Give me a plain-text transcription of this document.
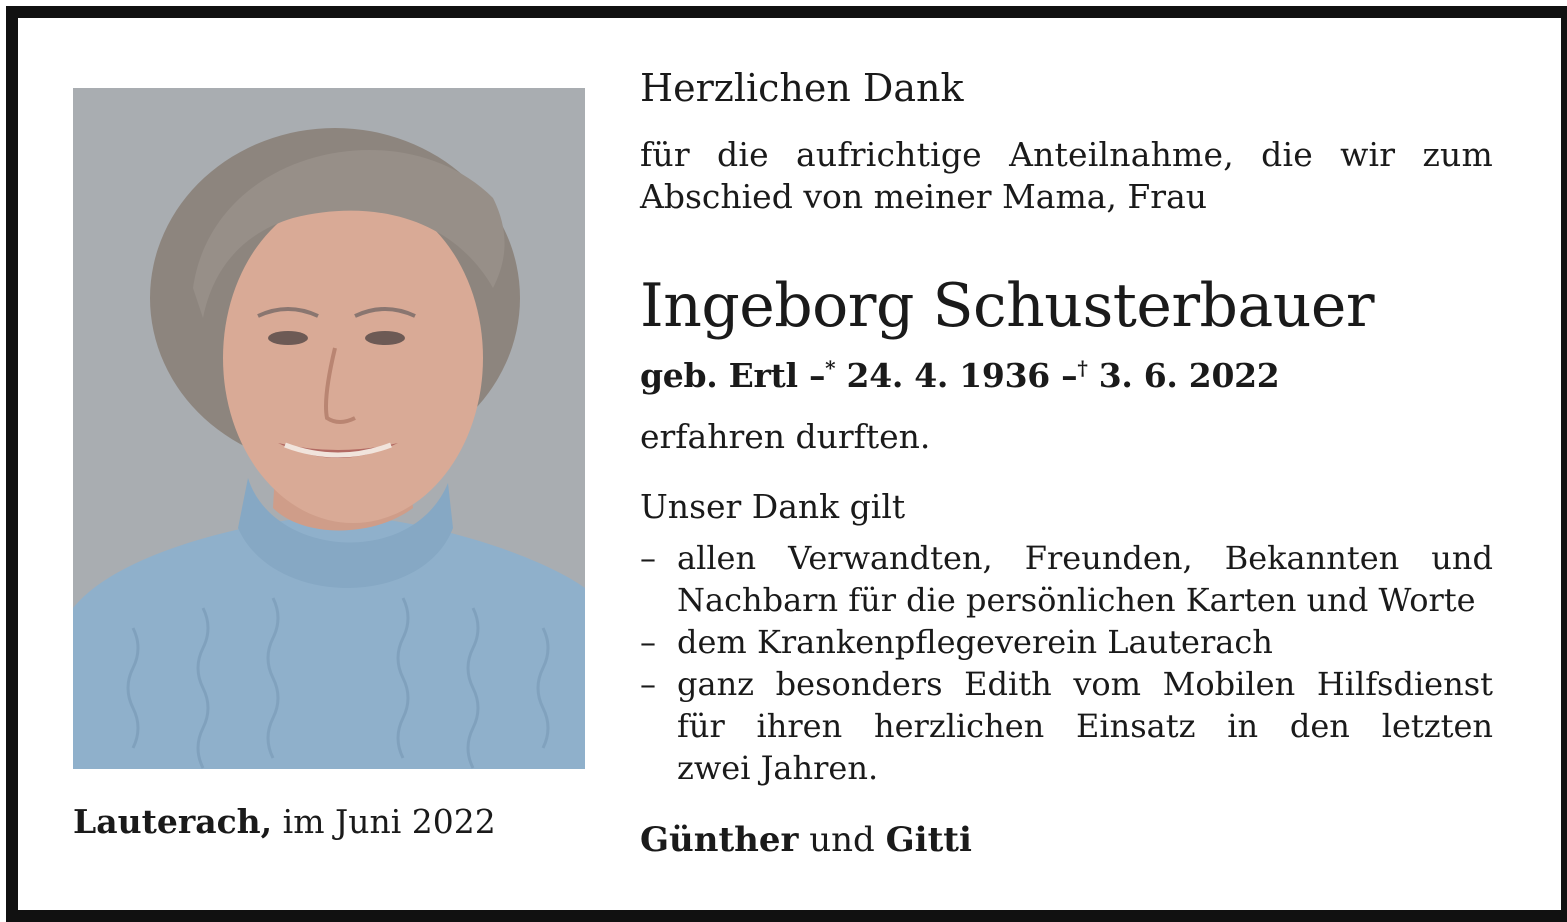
Lauterach, im Juni 2022
Herzlichen Dank
für die aufrichtige Anteilnahme, die wir zum
Abschied von meiner Mama, Frau
Ingeborg Schusterbauer
geb. Ertl –* 24. 4. 1936 –† 3. 6. 2022
erfahren durften.
Unser Dank gilt
– allen Verwandten, Freunden, Bekannten und
Nachbarn für die persönlichen Karten und Worte
– dem Krankenpflegeverein Lauterach
– ganz besonders Edith vom Mobilen Hilfsdienst
für ihren herzlichen Einsatz in den letzten
zwei Jahren.
Günther und Gitti
